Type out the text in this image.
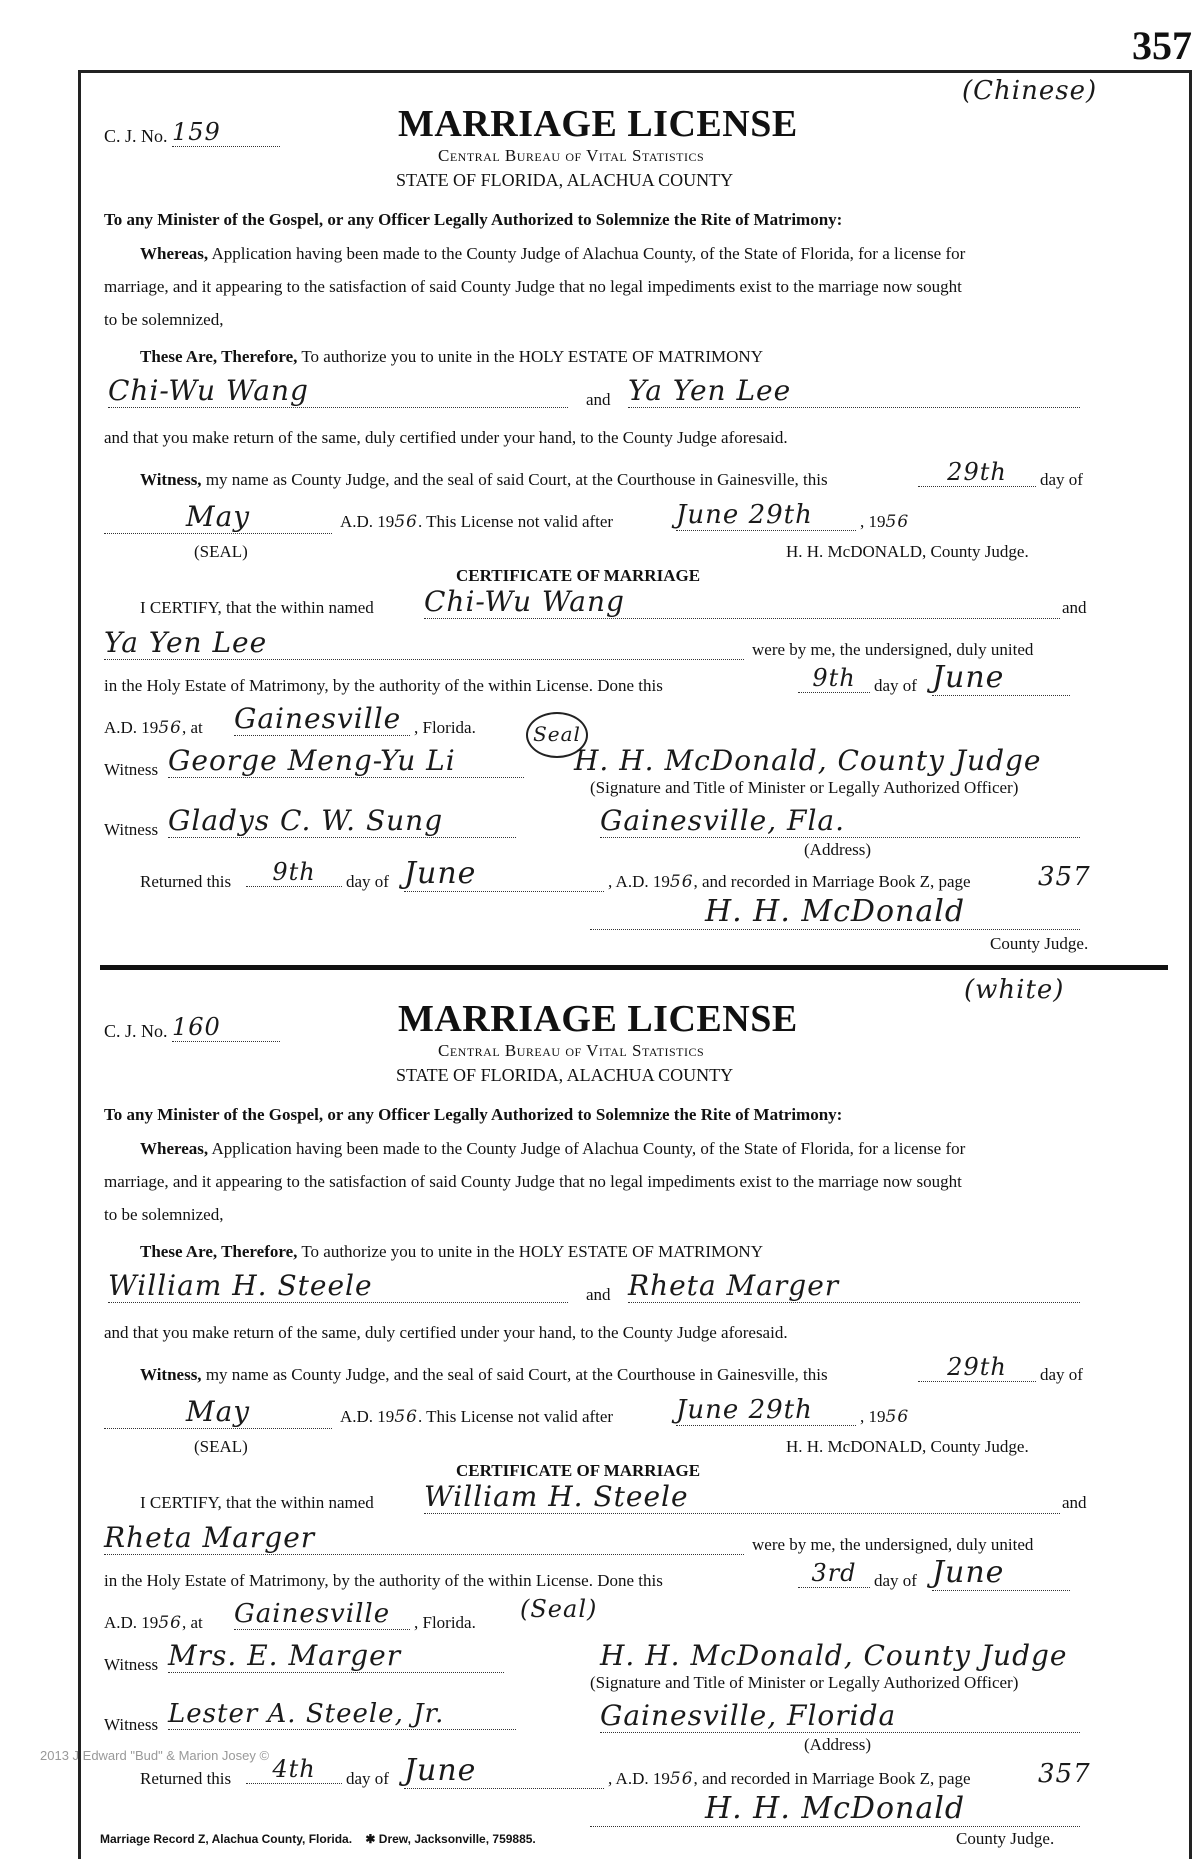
357
(Chinese)
C. J. No. 159	MARRIAGE LICENSE
Central Bureau of Vital Statistics
STATE OF FLORIDA, ALACHUA COUNTY
To any Minister of the Gospel, or any Officer Legally Authorized to Solemnize the Rite of Matrimony:
Whereas, Application having been made to the County Judge of Alachua County, of the State of Florida, for a license for
marriage, and it appearing to the satisfaction of said County Judge that no legal impediments exist to the marriage now sought
to be solemnized,
These Are, Therefore, To authorize you to unite in the HOLY ESTATE OF MATRIMONY
Chi-Wu Wang	and Ya Yen Lee
and that you make return of the same, duly certified under your hand, to the County Judge aforesaid.
Witness, my name as County Judge, and the seal of said Court, at the Courthouse in Gainesville, this	29th	day of
May	A.D. 1956. This License not valid after June 29th	, 1956
(SEAL)	H. H. McDONALD, County Judge.
CERTIFICATE OF MARRIAGE
I CERTIFY, that the within named Chi-Wu Wang	and
Ya Yen Lee	were by me, the undersigned, duly united
in the Holy Estate of Matrimony, by the authority of the within License. Done this	9th	day of June
A.D. 1956, at Gainesville , Florida.	Seal
Witness George Meng-Yu Li	H. H. McDonald, County Judge
(Signature and Title of Minister or Legally Authorized Officer)
Witness Gladys C. W. Sung	Gainesville, Fla.
(Address)
Returned this	9th	day of June	, A.D. 1956, and recorded in Marriage Book Z, page	357
H. H. McDonald
County Judge.
(white)
C. J. No. 160	MARRIAGE LICENSE
Central Bureau of Vital Statistics
STATE OF FLORIDA, ALACHUA COUNTY
To any Minister of the Gospel, or any Officer Legally Authorized to Solemnize the Rite of Matrimony:
Whereas, Application having been made to the County Judge of Alachua County, of the State of Florida, for a license for
marriage, and it appearing to the satisfaction of said County Judge that no legal impediments exist to the marriage now sought
to be solemnized,
These Are, Therefore, To authorize you to unite in the HOLY ESTATE OF MATRIMONY
William H. Steele	and Rheta Marger
and that you make return of the same, duly certified under your hand, to the County Judge aforesaid.
Witness, my name as County Judge, and the seal of said Court, at the Courthouse in Gainesville, this	29th	day of
May	A.D. 1956. This License not valid after June 29th	, 1956
(SEAL)	H. H. McDONALD, County Judge.
CERTIFICATE OF MARRIAGE
I CERTIFY, that the within named William H. Steele	and
Rheta Marger	were by me, the undersigned, duly united
in the Holy Estate of Matrimony, by the authority of the within License. Done this	3rd	day of June
A.D. 1956, at Gainesville	, Florida. (Seal)
Witness Mrs. E. Marger	H. H. McDonald, County Judge
(Signature and Title of Minister or Legally Authorized Officer)
Witness Lester A. Steele, Jr.	Gainesville, Florida
(Address)
Returned this	4th	day of June	, A.D. 1956, and recorded in Marriage Book Z, page	357
H. H. McDonald
County Judge.
2013 J Edward "Bud" & Marion Josey ©
Marriage Record Z, Alachua County, Florida. ✱ Drew, Jacksonville, 759885.
